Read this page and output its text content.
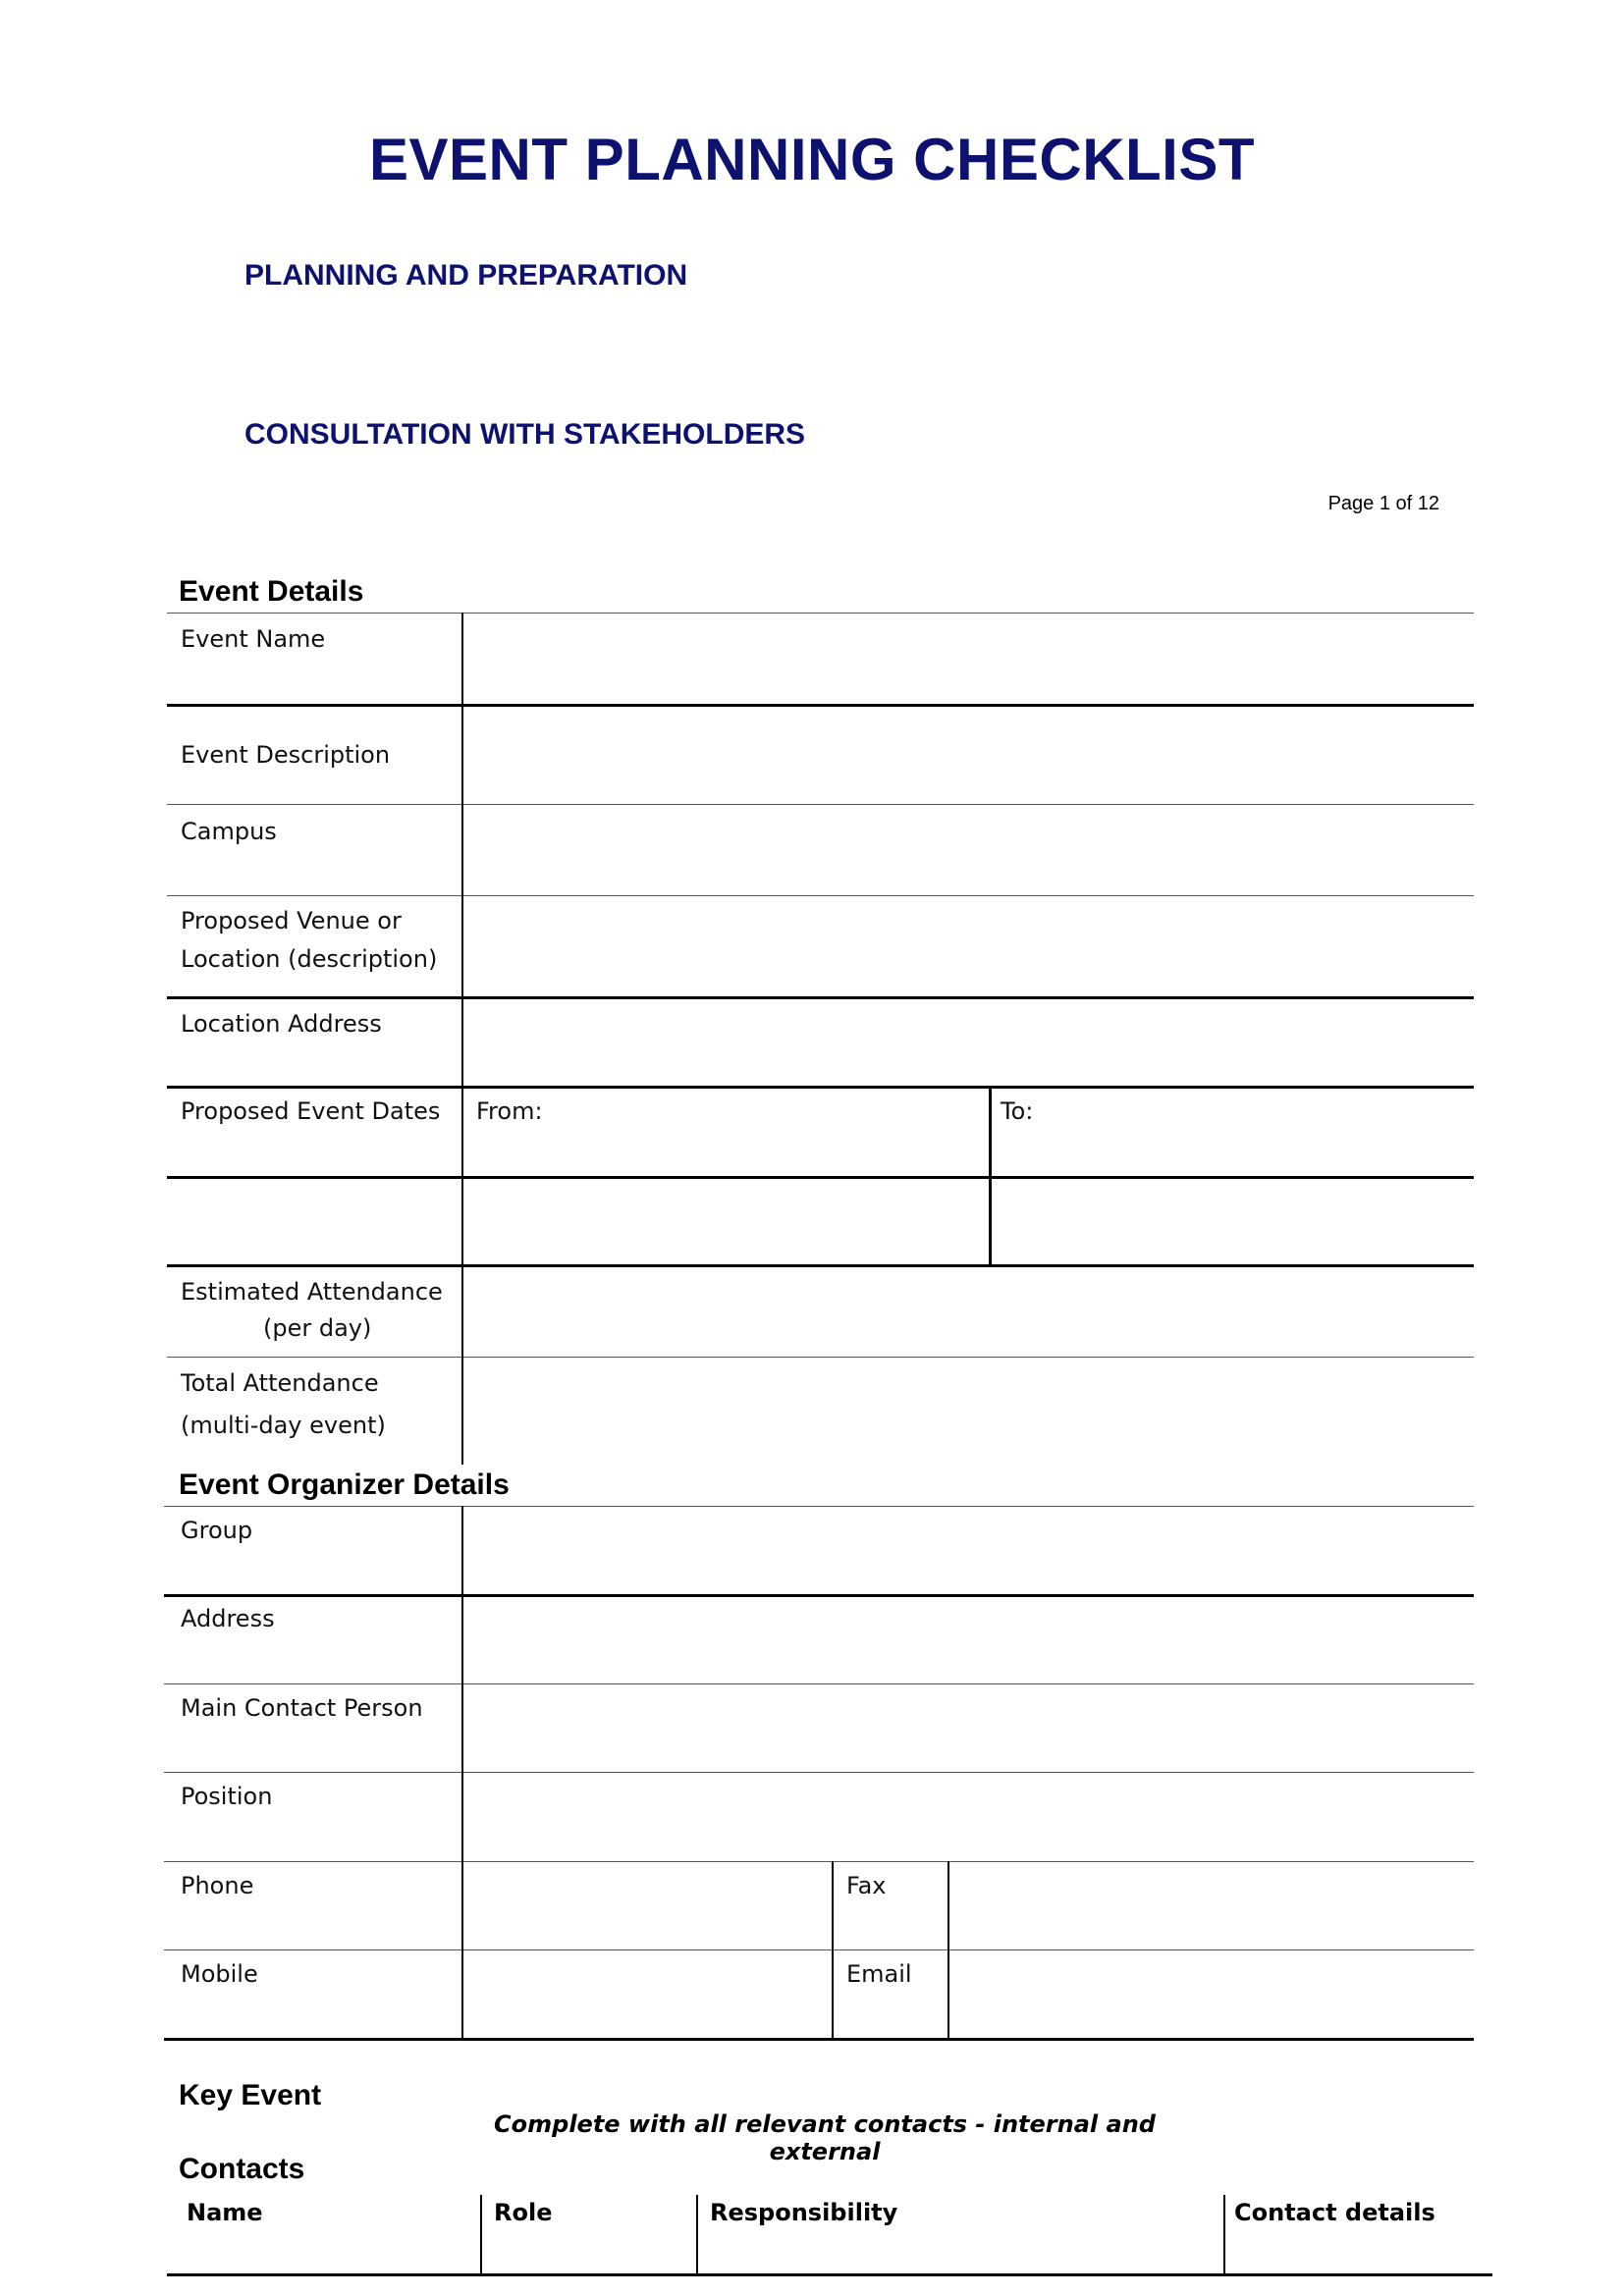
EVENT PLANNING CHECKLIST
PLANNING AND PREPARATION
CONSULTATION WITH STAKEHOLDERS
Page 1 of 12
Event Details
Event Name
Event Description
Campus
Proposed Venue or
Location (description)
Location Address
Proposed Event Dates From:	To:
Estimated Attendance
(per day)
Total Attendance
(multi-day event)
Event Organizer Details
Group
Address
Main Contact Person
Position
Phone	Fax
Mobile	Email
Key Event
Complete with all relevant contacts - internal and external
Contacts
Name	Role	Responsibility	Contact details
